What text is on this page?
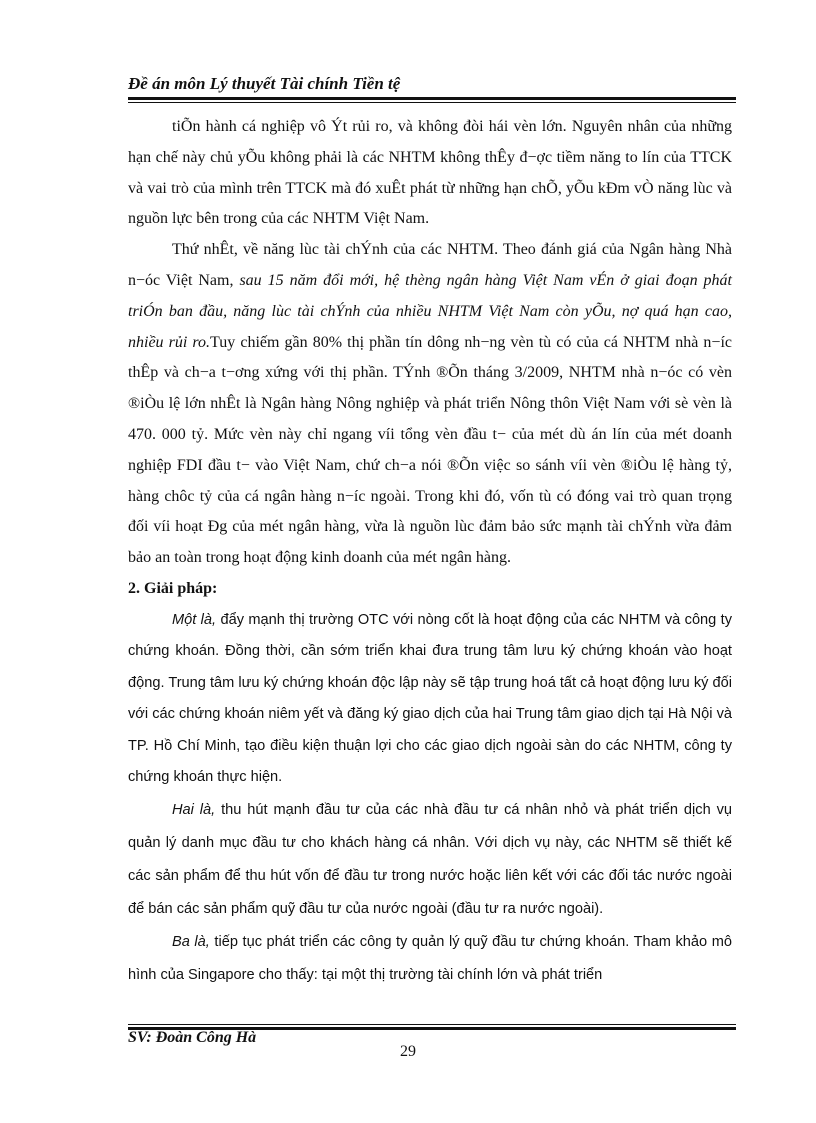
Đề án môn Lý thuyết Tài chính Tiền tệ

tiÕn hành cá nghiệp vô Ýt rủi ro, và không đòi hái vèn lớn. Nguyên nhân của những hạn chế này chủ yÕu không phải là các NHTM không thÊy đ−ợc tiềm năng to lín của TTCK và vai trò của mình trên TTCK mà đó xuÊt phát từ những hạn chÕ, yÕu kÐm vÒ năng lùc và nguồn lực bên trong của các NHTM Việt Nam.

Thứ nhÊt, về năng lùc tài chÝnh của các NHTM. Theo đánh giá của Ngân hàng Nhà n−óc Việt Nam, sau 15 năm đổi mới, hệ thèng ngân hàng Việt Nam vÉn ở giai đoạn phát triÓn ban đầu, năng lùc tài chÝnh của nhiều NHTM Việt Nam còn yÕu, nợ quá hạn cao, nhiều rủi ro.Tuy chiếm gần 80% thị phần tín dông nh−ng vèn tù có của cá NHTM nhà n−íc thÊp và ch−a t−ơng xứng với thị phần. TÝnh ®Õn tháng 3/2009, NHTM nhà n−óc có vèn ®iÒu lệ lớn nhÊt là Ngân hàng Nông nghiệp và phát triển Nông thôn Việt Nam với sè vèn là 470. 000 tỷ. Mức vèn này chỉ ngang víi tổng vèn đầu t− của mét dù án lín của mét doanh nghiệp FDI đầu t− vào Việt Nam, chứ ch−a nói ®Õn việc so sánh víi vèn ®iÒu lệ hàng tỷ, hàng chôc tỷ của cá ngân hàng n−íc ngoài. Trong khi đó, vốn tù có đóng vai trò quan trọng đối víi hoạt Đg của mét ngân hàng, vừa là nguồn lùc đảm bảo sức mạnh tài chÝnh vừa đảm bảo an toàn trong hoạt động kinh doanh của mét ngân hàng.

2. Giải pháp:

Một là, đẩy mạnh thị trường OTC với nòng cốt là hoạt động của các NHTM và công ty chứng khoán. Đồng thời, cần sớm triển khai đưa trung tâm lưu ký chứng khoán vào hoạt động. Trung tâm lưu ký chứng khoán độc lập này sẽ tập trung hoá tất cả hoạt động lưu ký đối với các chứng khoán niêm yết và đăng ký giao dịch của hai Trung tâm giao dịch tại Hà Nội và TP. Hồ Chí Minh, tạo điều kiện thuận lợi cho các giao dịch ngoài sàn do các NHTM, công ty chứng khoán thực hiện.

Hai là, thu hút mạnh đầu tư của các nhà đầu tư cá nhân nhỏ và phát triển dịch vụ quản lý danh mục đầu tư cho khách hàng cá nhân. Với dịch vụ này, các NHTM sẽ thiết kế các sản phẩm để thu hút vốn để đầu tư trong nước hoặc liên kết với các đối tác nước ngoài để bán các sản phẩm quỹ đầu tư của nước ngoài (đầu tư ra nước ngoài).

Ba là, tiếp tục phát triển các công ty quản lý quỹ đầu tư chứng khoán. Tham khảo mô hình của Singapore cho thấy: tại một thị trường tài chính lớn và phát triển

SV: Đoàn Công Hà
29
